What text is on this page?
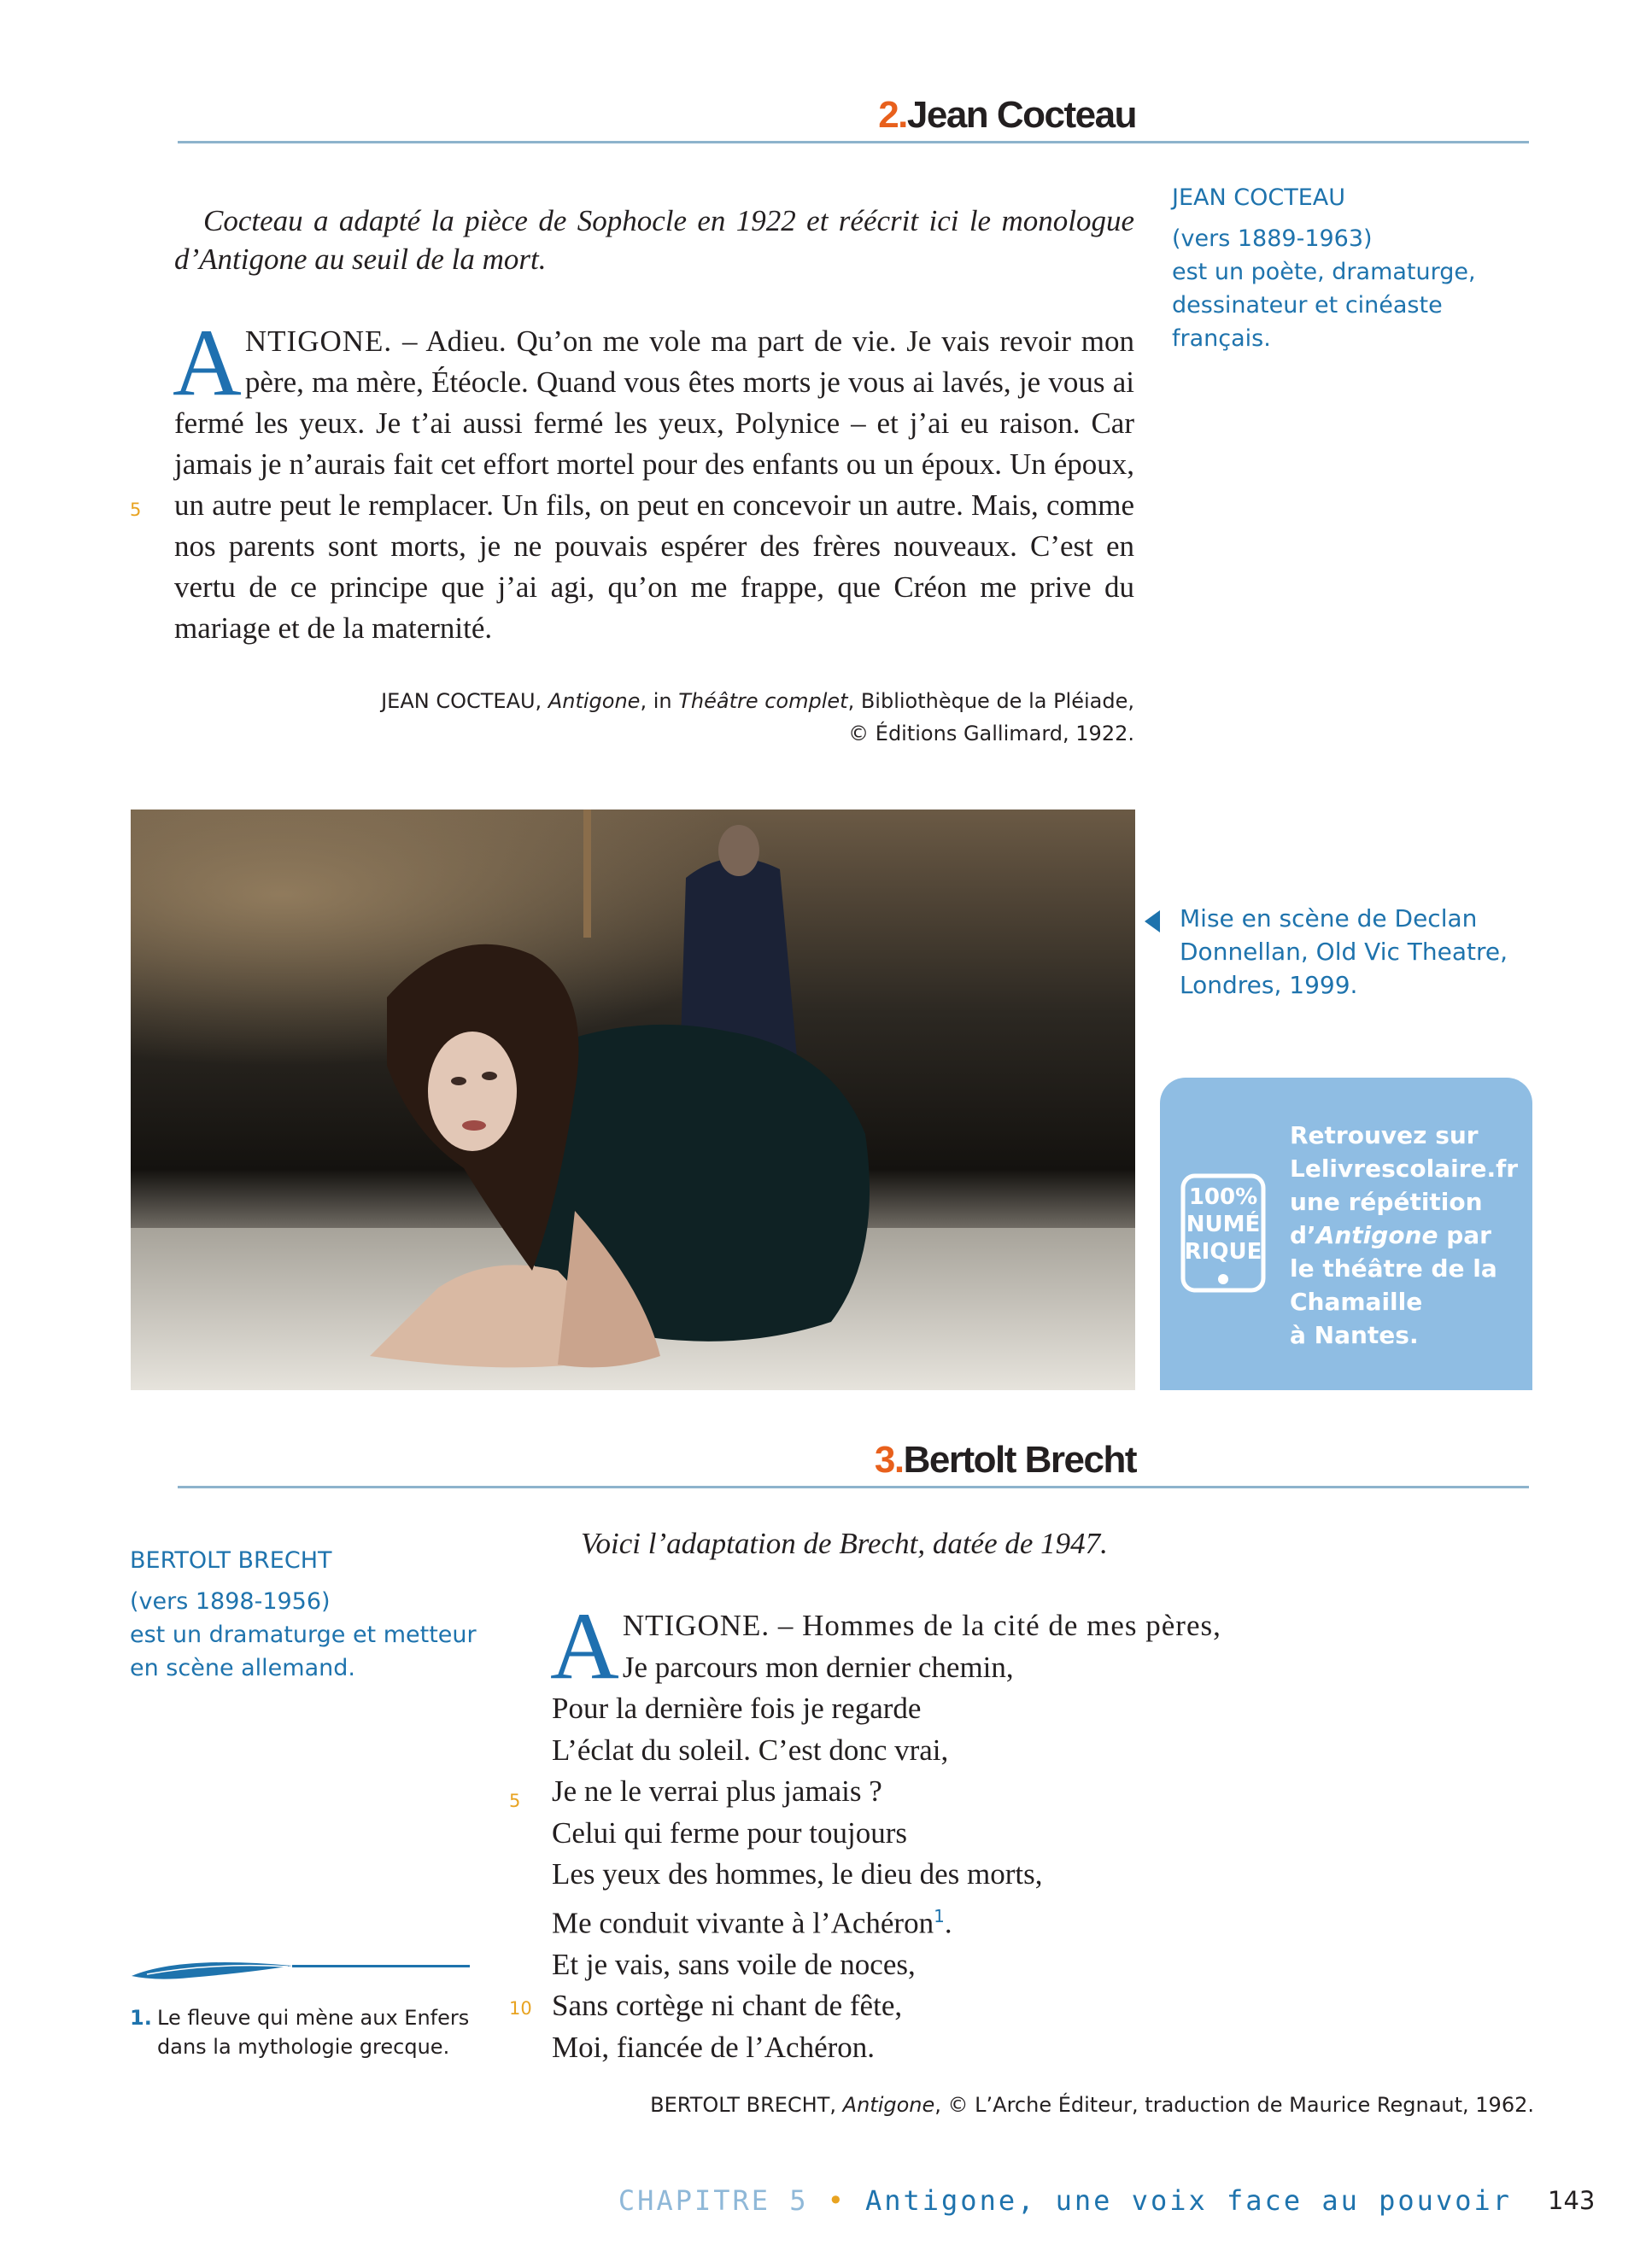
2.Jean Cocteau
JEAN COCTEAU
(vers 1889-1963)
est un poète, dramaturge, dessinateur et cinéaste français.
Cocteau a adapté la pièce de Sophocle en 1922 et réécrit ici le monologue d’Antigone au seuil de la mort.
ANTIGONE. – Adieu. Qu’on me vole ma part de vie. Je vais revoir mon père, ma mère, Étéocle. Quand vous êtes morts je vous ai lavés, je vous ai fermé les yeux. Je t’ai aussi fermé les yeux, Polynice – et j’ai eu raison. Car jamais je n’aurais fait cet effort mortel pour des enfants ou un époux. Un époux, un autre peut le remplacer. Un fils, on peut en concevoir un autre. Mais, comme nos parents sont morts, je ne pouvais espérer des frères nouveaux. C’est en vertu de ce principe que j’ai agi, qu’on me frappe, que Créon me prive du mariage et de la maternité.
5
JEAN COCTEAU, Antigone, in Théâtre complet, Bibliothèque de la Pléiade,
© Éditions Gallimard, 1922.
Mise en scène de Declan Donnellan, Old Vic Theatre, Londres, 1999.
100%
NUMÉ
RIQUE
Retrouvez sur
Lelivrescolaire.fr
une répétition
d’Antigone par
le théâtre de la
Chamaille
à Nantes.
3.Bertolt Brecht
BERTOLT BRECHT
(vers 1898-1956)
est un dramaturge et metteur en scène allemand.
Voici l’adaptation de Brecht, datée de 1947.
A NTIGONE. – Hommes de la cité de mes pères,
Je parcours mon dernier chemin,
Pour la dernière fois je regarde
L’éclat du soleil. C’est donc vrai,
Je ne le verrai plus jamais ?
Celui qui ferme pour toujours
Les yeux des hommes, le dieu des morts,
Me conduit vivante à l’Achéron$^1$.
Et je vais, sans voile de noces,
Sans cortège ni chant de fête,
Moi, fiancée de l’Achéron.
5
10
1. Le fleuve qui mène aux Enfers dans la mythologie grecque.
BERTOLT BRECHT, Antigone, © L’Arche Éditeur, traduction de Maurice Regnaut, 1962.
CHAPITRE 5 • Antigone, une voix face au pouvoir 143
